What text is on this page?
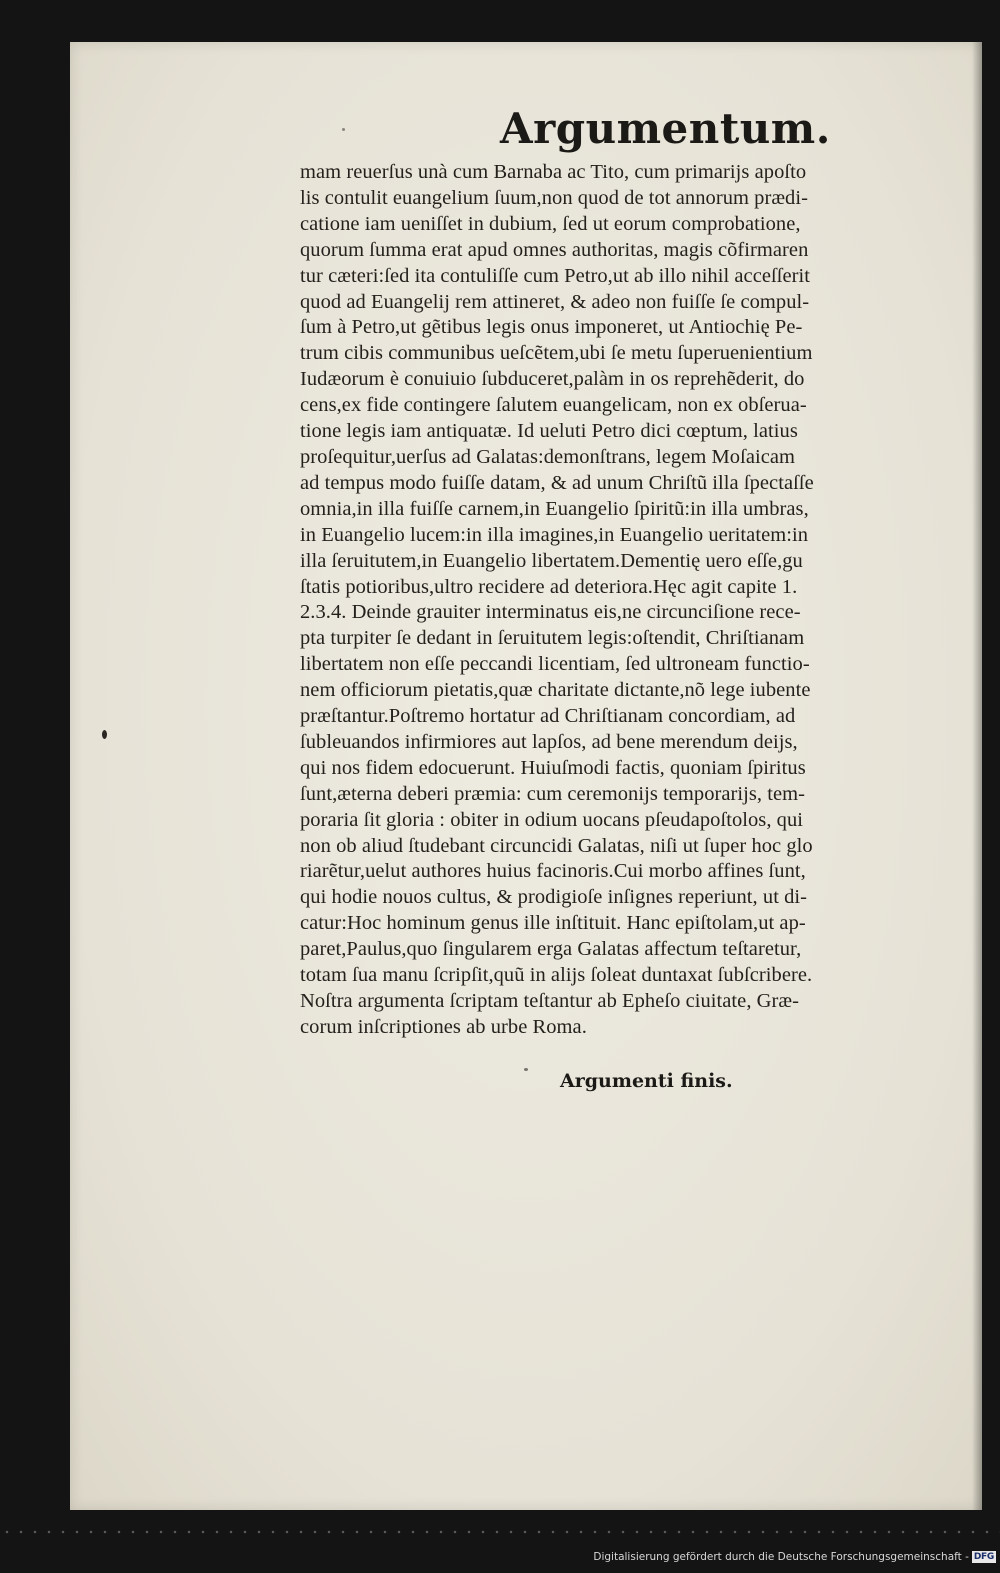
Argumentum.

mam reuerſus unà cum Barnaba ac Tito, cum primarijs apoſto
lis contulit euangelium ſuum,non quod de tot annorum prædi-
catione iam ueniſſet in dubium, ſed ut eorum comprobatione,
quorum ſumma erat apud omnes authoritas, magis cõfirmaren
tur cæteri:ſed ita contuliſſe cum Petro,ut ab illo nihil acceſſerit
quod ad Euangelij rem attineret, & adeo non fuiſſe ſe compul-
ſum à Petro,ut gẽtibus legis onus imponeret, ut Antiochię Pe-
trum cibis communibus ueſcẽtem,ubi ſe metu ſuperuenientium
Iudæorum è conuiuio ſubduceret,palàm in os reprehẽderit, do
cens,ex fide contingere ſalutem euangelicam, non ex obſerua-
tione legis iam antiquatæ. Id ueluti Petro dici cœptum, latius
proſequitur,uerſus ad Galatas:demonſtrans, legem Moſaicam
ad tempus modo fuiſſe datam, & ad unum Chriſtũ illa ſpectaſſe
omnia,in illa fuiſſe carnem,in Euangelio ſpiritũ:in illa umbras,
in Euangelio lucem:in illa imagines,in Euangelio ueritatem:in
illa ſeruitutem,in Euangelio libertatem.Dementię uero eſſe,gu
ſtatis potioribus,ultro recidere ad deteriora.Hęc agit capite 1.
2.3.4. Deinde grauiter interminatus eis,ne circunciſione rece-
pta turpiter ſe dedant in ſeruitutem legis:oſtendit, Chriſtianam
libertatem non eſſe peccandi licentiam, ſed ultroneam functio-
nem officiorum pietatis,quæ charitate dictante,nõ lege iubente
præſtantur.Poſtremo hortatur ad Chriſtianam concordiam, ad
ſubleuandos infirmiores aut lapſos, ad bene merendum deijs,
qui nos fidem edocuerunt. Huiuſmodi factis, quoniam ſpiritus
ſunt,æterna deberi præmia: cum ceremonijs temporarijs, tem-
poraria ſit gloria : obiter in odium uocans pſeudapoſtolos, qui
non ob aliud ſtudebant circuncidi Galatas, niſi ut ſuper hoc glo
riarẽtur,uelut authores huius facinoris.Cui morbo affines ſunt,
qui hodie nouos cultus, & prodigioſe inſignes reperiunt, ut di-
catur:Hoc hominum genus ille inſtituit. Hanc epiſtolam,ut ap-
paret,Paulus,quo ſingularem erga Galatas affectum teſtaretur,
totam ſua manu ſcripſit,quũ in alijs ſoleat duntaxat ſubſcribere.
Noſtra argumenta ſcriptam teſtantur ab Epheſo ciuitate, Græ-
corum inſcriptiones ab urbe Roma.

Argumenti finis.
Digitalisierung gefördert durch die Deutsche Forschungsgemeinschaft - DFG
